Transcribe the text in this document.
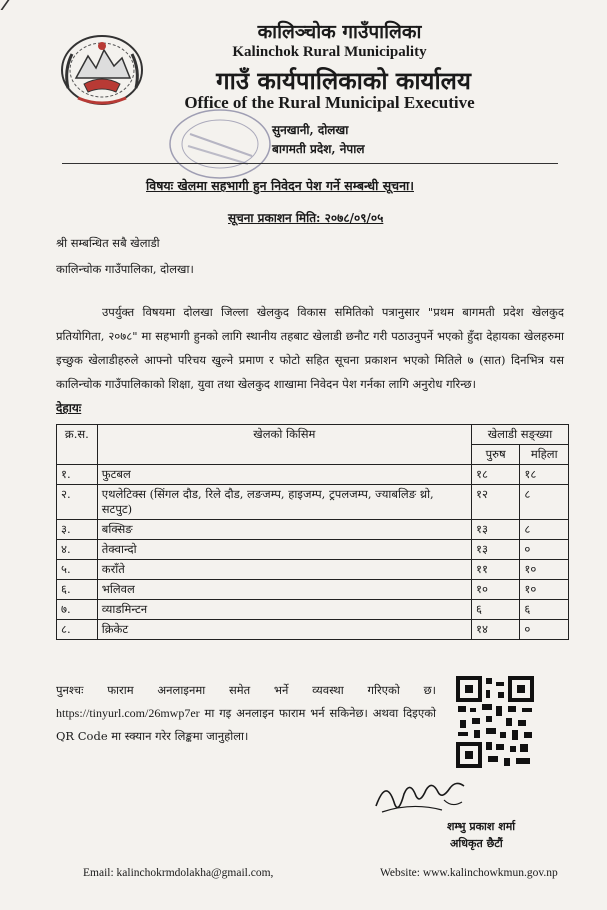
कालिञ्चोक गाउँपालिका
Kalinchok Rural Municipality
गाउँ कार्यपालिकाको कार्यालय
Office of the Rural Municipal Executive
सुनखानी, दोलखा
बागमती प्रदेश, नेपाल
विषयः खेलमा सहभागी हुन निवेदन पेश गर्ने सम्बन्धी सूचना।
सूचना प्रकाशन मिति: २०७८/०९/०५
श्री सम्बन्धित सबै खेलाडी
कालिन्चोक गाउँपालिका, दोलखा।
उपर्युक्त विषयमा दोलखा जिल्ला खेलकुद विकास समितिको पत्रानुसार "प्रथम बागमती प्रदेश खेलकुद प्रतियोगिता, २०७८" मा सहभागी हुनको लागि स्थानीय तहबाट खेलाडी छनौट गरी पठाउनुपर्ने भएको हुँदा देहायका खेलहरुमा इच्छुक खेलाडीहरुले आफ्नो परिचय खुल्ने प्रमाण र फोटो सहित सूचना प्रकाशन भएको मितिले ७ (सात) दिनभित्र यस कालिन्चोक गाउँपालिकाको शिक्षा, युवा तथा खेलकुद शाखामा निवेदन पेश गर्नका लागि अनुरोध गरिन्छ।
देहायः
क्र.स.	खेलको किसिम	खेलाडी सङ्ख्या	
		पुरुष	महिला
१.	फुटबल	१८	१८
२.	एथलेटिक्स (सिंगल दौड, रिले दौड, लङजम्प, हाइजम्प, ट्रपलजम्प, ज्याबलिङ थ्रो, सटपुट)	१२	८
३.	बक्सिङ	१३	८
४.	तेक्वान्दो	१३	०
५.	कराँते	११	१०
६.	भलिवल	१०	१०
७.	व्याडमिन्टन	६	६
८.	क्रिकेट	१४	०
पुनश्चः फाराम अनलाइनमा समेत भर्ने व्यवस्था गरिएको छ। https://tinyurl.com/26mwp7er मा गइ अनलाइन फाराम भर्न सकिनेछ। अथवा दिइएको QR Code मा स्क्यान गरेर लिङ्कमा जानुहोला।
शम्भु प्रकाश शर्मा
अधिकृत छैटौं
Email: kalinchokrmdolakha@gmail.com,	Website: www.kalinchowkmun.gov.np
